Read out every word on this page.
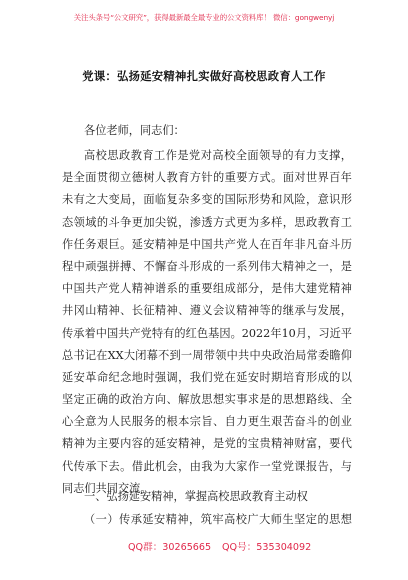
关注头条号“公文研究”，获得最新最全最专业的公文资料库！ 微信：gongwenyj
党课：弘扬延安精神扎实做好高校思政育人工作
各位老师，同志们：
高校思政教育工作是党对高校全面领导的有力支撑，
是全面贯彻立德树人教育方针的重要方式。面对世界百年
未有之大变局，面临复杂多变的国际形势和风险，意识形
态领域的斗争更加尖锐，渗透方式更为多样，思政教育工
作任务艰巨。延安精神是中国共产党人在百年非凡奋斗历
程中顽强拼搏、不懈奋斗形成的一系列伟大精神之一，是
中国共产党人精神谱系的重要组成部分，是伟大建党精神
井冈山精神、长征精神、遵义会议精神等的继承与发展，
传承着中国共产党特有的红色基因。2022年10月，习近平
总书记在XX大闭幕不到一周带领中共中央政治局常委瞻仰
延安革命纪念地时强调，我们党在延安时期培育形成的以
坚定正确的政治方向、解放思想实事求是的思想路线、全
心全意为人民服务的根本宗旨、自力更生艰苦奋斗的创业
精神为主要内容的延安精神，是党的宝贵精神财富，要代
代传承下去。借此机会，由我为大家作一堂党课报告，与
同志们共同交流。
一、弘扬延安精神，掌握高校思政教育主动权
（一）传承延安精神，筑牢高校广大师生坚定的思想
QQ群：30265665 QQ号：535304092
